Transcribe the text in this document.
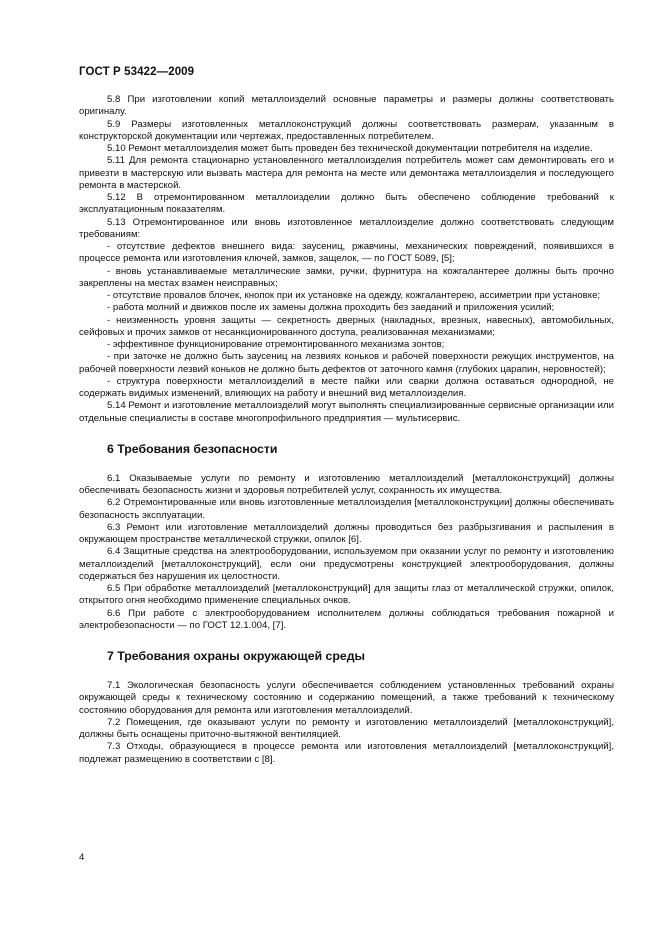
ГОСТ Р 53422—2009

5.8 При изготовлении копий металлоизделий основные параметры и размеры должны соответствовать оригиналу.

5.9 Размеры изготовленных металлоконструкций должны соответствовать размерам, указанным в конструкторской документации или чертежах, предоставленных потребителем.

5.10 Ремонт металлоизделия может быть проведен без технической документации потребителя на изделие.

5.11 Для ремонта стационарно установленного металлоизделия потребитель может сам демонтировать его и привезти в мастерскую или вызвать мастера для ремонта на месте или демонтажа металлоизделия и последующего ремонта в мастерской.

5.12 В отремонтированном металлоизделии должно быть обеспечено соблюдение требований к эксплуатационным показателям.

5.13 Отремонтированное или вновь изготовленное металлоизделие должно соответствовать следующим требованиям:

- отсутствие дефектов внешнего вида: заусениц, ржавчины, механических повреждений, появившихся в процессе ремонта или изготовления ключей, замков, защелок, — по ГОСТ 5089, [5];

- вновь устанавливаемые металлические замки, ручки, фурнитура на кожгалантерее должны быть прочно закреплены на местах взамен неисправных;

- отсутствие провалов блочек, кнопок при их установке на одежду, кожгалантерею, ассиметрии при установке;

- работа молний и движков после их замены должна проходить без заеданий и приложения усилий;

- неизменность уровня защиты — секретность дверных (накладных, врезных, навесных), автомобильных, сейфовых и прочих замков от несанкционированного доступа, реализованная механизмами;

- эффективное функционирование отремонтированного механизма зонтов;

- при заточке не должно быть заусениц на лезвиях коньков и рабочей поверхности режущих инструментов, на рабочей поверхности лезвий коньков не должно быть дефектов от заточного камня (глубоких царапин, неровностей);

- структура поверхности металлоизделий в месте пайки или сварки должна оставаться однородной, не содержать видимых изменений, влияющих на работу и внешний вид металлоизделия.

5.14 Ремонт и изготовление металлоизделий могут выполнять специализированные сервисные организации или отдельные специалисты в составе многопрофильного предприятия — мультисервис.

6 Требования безопасности

6.1 Оказываемые услуги по ремонту и изготовлению металлоизделий [металлоконструкций] должны обеспечивать безопасность жизни и здоровья потребителей услуг, сохранность их имущества.

6.2 Отремонтированные или вновь изготовленные металлоизделия [металлоконструкции] должны обеспечивать безопасность эксплуатации.

6.3 Ремонт или изготовление металлоизделий должны проводиться без разбрызгивания и распыления в окружающем пространстве металлической стружки, опилок [6].

6.4 Защитные средства на электрооборудовании, используемом при оказании услуг по ремонту и изготовлению металлоизделий [металлоконструкций], если они предусмотрены конструкцией электрооборудования, должны содержаться без нарушения их целостности.

6.5 При обработке металлоизделий [металлоконструкций] для защиты глаз от металлической стружки, опилок, открытого огня необходимо применение специальных очков.

6.6 При работе с электрооборудованием исполнителем должны соблюдаться требования пожарной и электробезопасности — по ГОСТ 12.1.004, [7].

7 Требования охраны окружающей среды

7.1 Экологическая безопасность услуги обеспечивается соблюдением установленных требований охраны окружающей среды к техническому состоянию и содержанию помещений, а также требований к техническому состоянию оборудования для ремонта или изготовления металлоизделий.

7.2 Помещения, где оказывают услуги по ремонту и изготовлению металлоизделий [металлоконструкций], должны быть оснащены приточно-вытяжной вентиляцией.

7.3 Отходы, образующиеся в процессе ремонта или изготовления металлоизделий [металлоконструкций], подлежат размещению в соответствии с [8].

4
